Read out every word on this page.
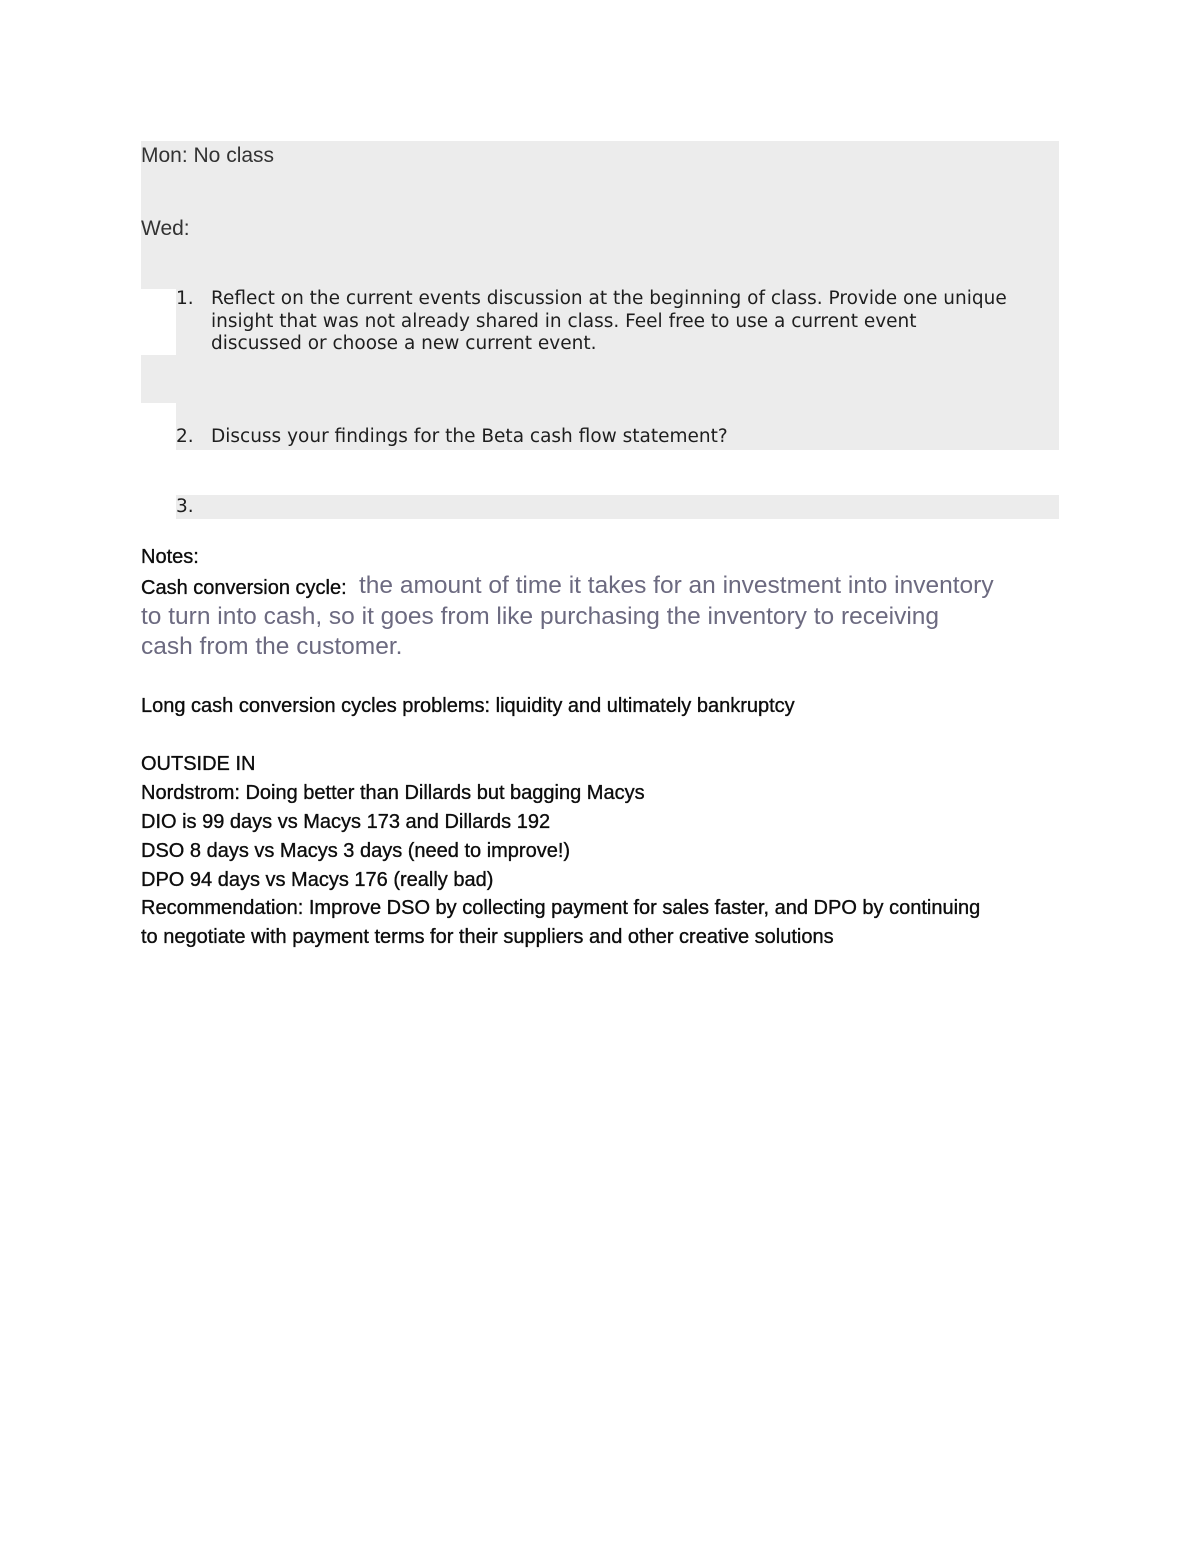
Mon: No class
Wed:
1. Reflect on the current events discussion at the beginning of class. Provide one unique
insight that was not already shared in class. Feel free to use a current event
discussed or choose a new current event.
2. Discuss your findings for the Beta cash flow statement?
3.
Notes:
Cash conversion cycle: the amount of time it takes for an investment into inventory
to turn into cash, so it goes from like purchasing the inventory to receiving
cash from the customer.
Long cash conversion cycles problems: liquidity and ultimately bankruptcy
OUTSIDE IN
Nordstrom: Doing better than Dillards but bagging Macys
DIO is 99 days vs Macys 173 and Dillards 192
DSO 8 days vs Macys 3 days (need to improve!)
DPO 94 days vs Macys 176 (really bad)
Recommendation: Improve DSO by collecting payment for sales faster, and DPO by continuing
to negotiate with payment terms for their suppliers and other creative solutions
